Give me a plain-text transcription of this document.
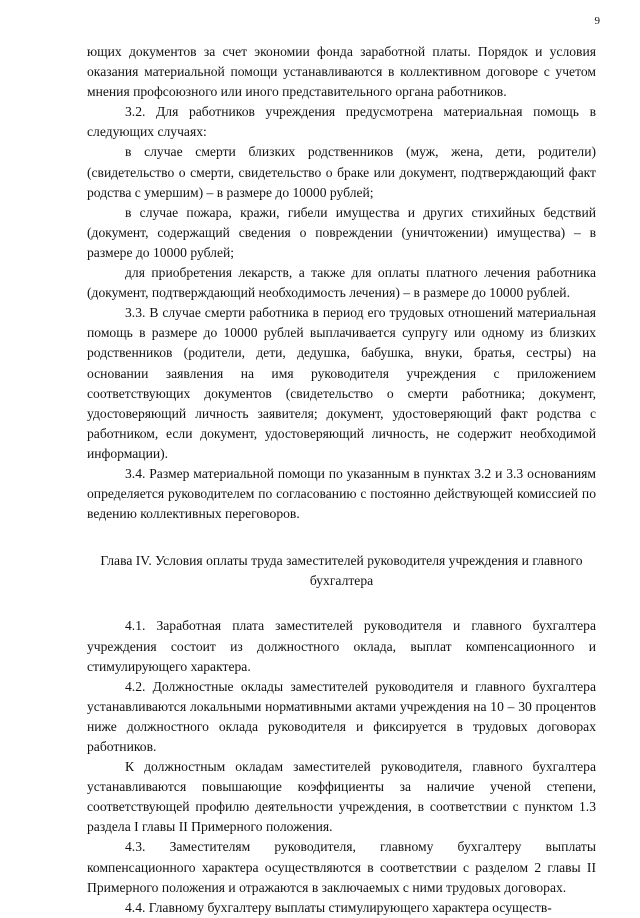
9

ющих документов за счет экономии фонда заработной платы. Порядок и условия оказания материальной помощи устанавливаются в коллективном договоре с учетом мнения профсоюзного или иного представительного органа работников.

3.2. Для работников учреждения предусмотрена материальная помощь в следующих случаях:

в случае смерти близких родственников (муж, жена, дети, родители) (свидетельство о смерти, свидетельство о браке или документ, подтверждающий факт родства с умершим) – в размере до 10000 рублей;

в случае пожара, кражи, гибели имущества и других стихийных бедствий (документ, содержащий сведения о повреждении (уничтожении) имущества) – в размере до 10000 рублей;

для приобретения лекарств, а также для оплаты платного лечения работника (документ, подтверждающий необходимость лечения) – в размере до 10000 рублей.

3.3. В случае смерти работника в период его трудовых отношений материальная помощь в размере до 10000 рублей выплачивается супругу или одному из близких родственников (родители, дети, дедушка, бабушка, внуки, братья, сестры) на основании заявления на имя руководителя учреждения с приложением соответствующих документов (свидетельство о смерти работника; документ, удостоверяющий личность заявителя; документ, удостоверяющий факт родства с работником, если документ, удостоверяющий личность, не содержит необходимой информации).

3.4. Размер материальной помощи по указанным в пунктах 3.2 и 3.3 основаниям определяется руководителем по согласованию с постоянно действующей комиссией по ведению коллективных переговоров.

Глава IV. Условия оплаты труда заместителей руководителя учреждения и главного бухгалтера

4.1. Заработная плата заместителей руководителя и главного бухгалтера учреждения состоит из должностного оклада, выплат компенсационного и стимулирующего характера.

4.2. Должностные оклады заместителей руководителя и главного бухгалтера устанавливаются локальными нормативными актами учреждения на 10 – 30 процентов ниже должностного оклада руководителя и фиксируется в трудовых договорах работников.

К должностным окладам заместителей руководителя, главного бухгалтера устанавливаются повышающие коэффициенты за наличие ученой степени, соответствующей профилю деятельности учреждения, в соответствии с пунктом 1.3 раздела I главы II Примерного положения.

4.3. Заместителям руководителя, главному бухгалтеру выплаты компенсационного характера осуществляются в соответствии с разделом 2 главы II Примерного положения и отражаются в заключаемых с ними трудовых договорах.

4.4. Главному бухгалтеру выплаты стимулирующего характера осуществ-
